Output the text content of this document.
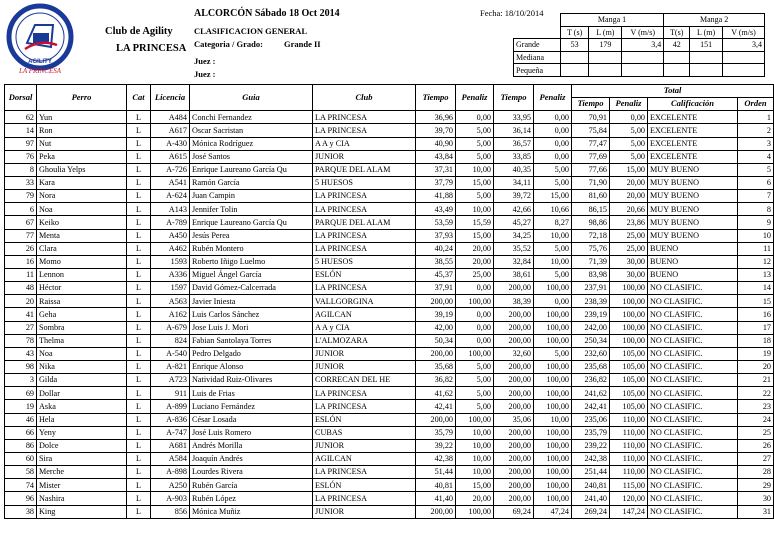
AGILITY
LA PRINCESA
Club de Agility
LA PRINCESA
ALCORCÓN Sábado 18 Oct 2014	Fecha: 18/10/2014
CLASIFICACION GENERAL
Categoria / Grado: Grande II
Juez :
Juez :
	Manga 1			Manga 2		
	T (s)	L (m)	V (m/s)	T(s)	L (m)	V (m/s)
Grande	53	179	3,4	42	151	3,4
Mediana						
Pequeña						
Dorsal	Perro	Cat	Licencia	Guia	Club	Tiempo	Penaliz	Tiempo	Penaliz	Total			
										Tiempo	Penaliz	Calificación	Orden
62	Yun	L	A484	Conchi Fernandez	LA PRINCESA	36,96	0,00	33,95	0,00	70,91	0,00	EXCELENTE	1
14	Ron	L	A617	Oscar Sacristan	LA PRINCESA	39,70	5,00	36,14	0,00	75,84	5,00	EXCELENTE	2
97	Nut	L	A-430	Mónica Rodríguez	A A y CIA	40,90	5,00	36,57	0,00	77,47	5,00	EXCELENTE	3
76	Peka	L	A615	José Santos	JUNIOR	43,84	5,00	33,85	0,00	77,69	5,00	EXCELENTE	4
8	Ghoulia Yelps	L	A-726	Enrique Laureano García Qu	PARQUE DEL ALAM	37,31	10,00	40,35	5,00	77,66	15,00	MUY BUENO	5
33	Kara	L	A541	Ramón García	5 HUESOS	37,79	15,00	34,11	5,00	71,90	20,00	MUY BUENO	6
79	Nora	L	A-624	Juan Campin	LA PRINCESA	41,88	5,00	39,72	15,00	81,60	20,00	MUY BUENO	7
6	Noa	L	A143	Jennifer Tolin	LA PRINCESA	43,49	10,00	42,66	10,66	86,15	20,66	MUY BUENO	8
67	Keiko	L	A-789	Enrique Laureano García Qu	PARQUE DEL ALAM	53,59	15,59	45,27	8,27	98,86	23,86	MUY BUENO	9
77	Menta	L	A450	Jesús Perea	LA PRINCESA	37,93	15,00	34,25	10,00	72,18	25,00	MUY BUENO	10
26	Clara	L	A462	Rubén Montero	LA PRINCESA	40,24	20,00	35,52	5,00	75,76	25,00	BUENO	11
16	Momo	L	1593	Roberto Iñigo Luelmo	5 HUESOS	38,55	20,00	32,84	10,00	71,39	30,00	BUENO	12
11	Lennon	L	A336	Miguel Ángel García	ESLÓN	45,37	25,00	38,61	5,00	83,98	30,00	BUENO	13
48	Héctor	L	1597	David Gómez-Calcerrada	LA PRINCESA	37,91	0,00	200,00	100,00	237,91	100,00	NO CLASIFIC.	14
20	Raissa	L	A563	Javier Iniesta	VALLGORGINA	200,00	100,00	38,39	0,00	238,39	100,00	NO CLASIFIC.	15
41	Geha	L	A162	Luis Carlos Sánchez	AGILCAN	39,19	0,00	200,00	100,00	239,19	100,00	NO CLASIFIC.	16
27	Sombra	L	A-679	Jose Luis J. Mori	A A y CIA	42,00	0,00	200,00	100,00	242,00	100,00	NO CLASIFIC.	17
78	Thelma	L	824	Fabian Santolaya Torres	L'ALMOZARA	50,34	0,00	200,00	100,00	250,34	100,00	NO CLASIFIC.	18
43	Noa	L	A-540	Pedro Delgado	JUNIOR	200,00	100,00	32,60	5,00	232,60	105,00	NO CLASIFIC.	19
98	Nika	L	A-821	Enrique Alonso	JUNIOR	35,68	5,00	200,00	100,00	235,68	105,00	NO CLASIFIC.	20
3	Gilda	L	A723	Natividad Ruiz-Olivares	CORRECAN DEL HE	36,82	5,00	200,00	100,00	236,82	105,00	NO CLASIFIC.	21
69	Dollar	L	911	Luis de Frias	LA PRINCESA	41,62	5,00	200,00	100,00	241,62	105,00	NO CLASIFIC.	22
19	Aska	L	A-899	Luciano Fernández	LA PRINCESA	42,41	5,00	200,00	100,00	242,41	105,00	NO CLASIFIC.	23
46	Hela	L	A-836	César Losada	ESLÓN	200,00	100,00	35,06	10,00	235,06	110,00	NO CLASIFIC.	24
66	Yeny	L	A-747	José Luis Romero	CUBAS	35,79	10,00	200,00	100,00	235,79	110,00	NO CLASIFIC.	25
86	Dolce	L	A681	Andrés Morilla	JUNIOR	39,22	10,00	200,00	100,00	239,22	110,00	NO CLASIFIC.	26
60	Sira	L	A584	Joaquín Andrés	AGILCAN	42,38	10,00	200,00	100,00	242,38	110,00	NO CLASIFIC.	27
58	Merche	L	A-898	Lourdes Rivera	LA PRINCESA	51,44	10,00	200,00	100,00	251,44	110,00	NO CLASIFIC.	28
74	Mister	L	A250	Rubén García	ESLÓN	40,81	15,00	200,00	100,00	240,81	115,00	NO CLASIFIC.	29
96	Nashira	L	A-903	Rubén López	LA PRINCESA	41,40	20,00	200,00	100,00	241,40	120,00	NO CLASIFIC.	30
38	King	L	856	Mónica Muñiz	JUNIOR	200,00	100,00	69,24	47,24	269,24	147,24	NO CLASIFIC.	31
